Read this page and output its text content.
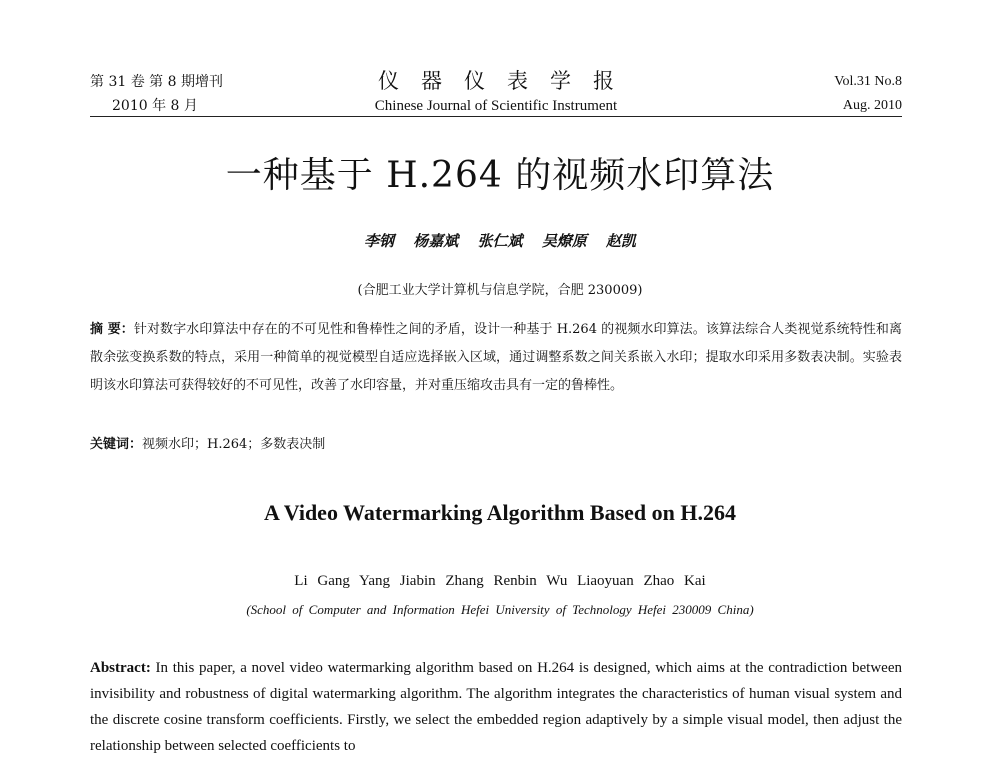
第 31 卷 第 8 期增刊
2010 年 8 月
仪器仪表学报
Chinese Journal of Scientific Instrument
Vol.31 No.8
Aug. 2010
一种基于 H.264 的视频水印算法
李钢 杨嘉斌 张仁斌 吴燎原 赵凯
(合肥工业大学计算机与信息学院，合肥 230009)
摘 要：针对数字水印算法中存在的不可见性和鲁棒性之间的矛盾，设计一种基于 H.264 的视频水印算法。该算法综合人类视觉系统特性和离散余弦变换系数的特点，采用一种简单的视觉模型自适应选择嵌入区域，通过调整系数之间关系嵌入水印；提取水印采用多数表决制。实验表明该水印算法可获得较好的不可见性，改善了水印容量，并对重压缩攻击具有一定的鲁棒性。
关键词：视频水印；H.264；多数表决制
A Video Watermarking Algorithm Based on H.264
Li Gang Yang Jiabin Zhang Renbin Wu Liaoyuan Zhao Kai
(School of Computer and Information Hefei University of Technology Hefei 230009 China)
Abstract: In this paper, a novel video watermarking algorithm based on H.264 is designed, which aims at the contradiction between invisibility and robustness of digital watermarking algorithm. The algorithm integrates the characteristics of human visual system and the discrete cosine transform coefficients. Firstly, we select the embedded region adaptively by a simple visual model, then adjust the relationship between selected coefficients to
